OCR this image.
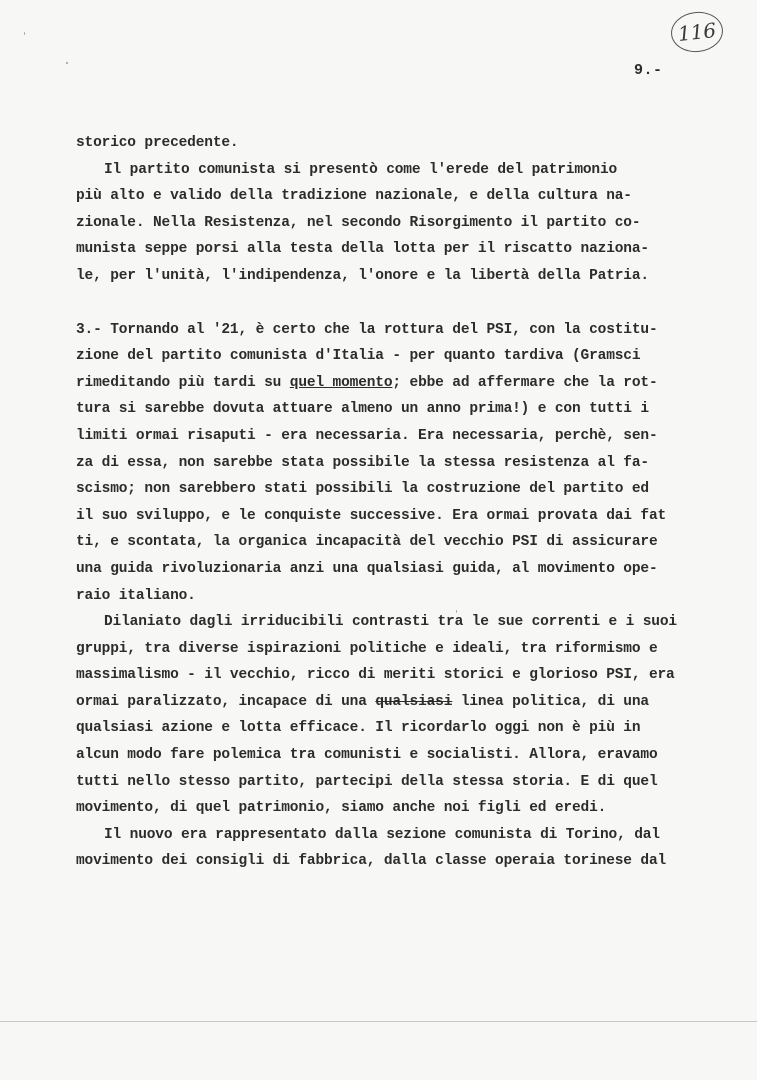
116
9.-
storico precedente.
Il partito comunista si presentò come l'erede del patrimonio
più alto e valido della tradizione nazionale, e della cultura na-
zionale. Nella Resistenza, nel secondo Risorgimento il partito co-
munista seppe porsi alla testa della lotta per il riscatto naziona-
le, per l'unità, l'indipendenza, l'onore e la libertà della Patria.
3.- Tornando al '21, è certo che la rottura del PSI, con la costitu-
zione del partito comunista d'Italia - per quanto tardiva (Gramsci
rimeditando più tardi su quel momento; ebbe ad affermare che la rot-
tura si sarebbe dovuta attuare almeno un anno prima!) e con tutti i
limiti ormai risaputi - era necessaria. Era necessaria, perchè, sen-
za di essa, non sarebbe stata possibile la stessa resistenza al fa-
scismo; non sarebbero stati possibili la costruzione del partito ed
il suo sviluppo, e le conquiste successive. Era ormai provata dai fat
ti, e scontata, la organica incapacità del vecchio PSI di assicurare
una guida rivoluzionaria anzi una qualsiasi guida, al movimento ope-
raio italiano.
Dilaniato dagli irriducibili contrasti tra le sue correnti e i suoi
gruppi, tra diverse ispirazioni politiche e ideali, tra riformismo e
massimalismo - il vecchio, ricco di meriti storici e glorioso PSI, era
ormai paralizzato, incapace di una qualsiasi linea politica, di una
qualsiasi azione e lotta efficace. Il ricordarlo oggi non è più in
alcun modo fare polemica tra comunisti e socialisti. Allora, eravamo
tutti nello stesso partito, partecipi della stessa storia. E di quel
movimento, di quel patrimonio, siamo anche noi figli ed eredi.
Il nuovo era rappresentato dalla sezione comunista di Torino, dal
movimento dei consigli di fabbrica, dalla classe operaia torinese dal
